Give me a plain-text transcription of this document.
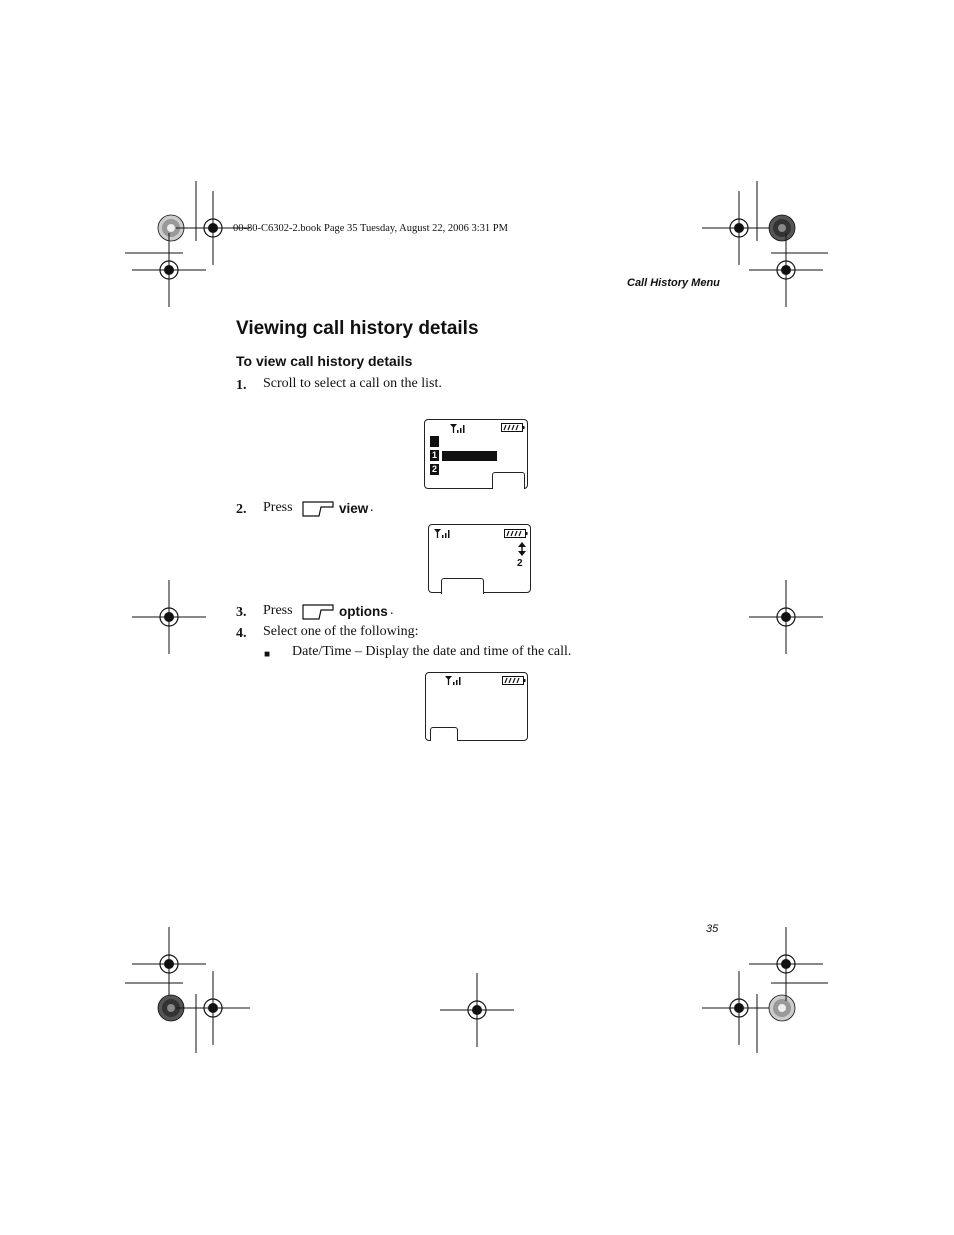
00-80-C6302-2.book Page 35 Tuesday, August 22, 2006 3:31 PM
Call History Menu
Viewing call history details
To view call history details
1. Scroll to select a call on the list.
1
2
2. Press	view .
2
3. Press	options .
4. Select one of the following:
■ Date/Time – Display the date and time of the call.
35
